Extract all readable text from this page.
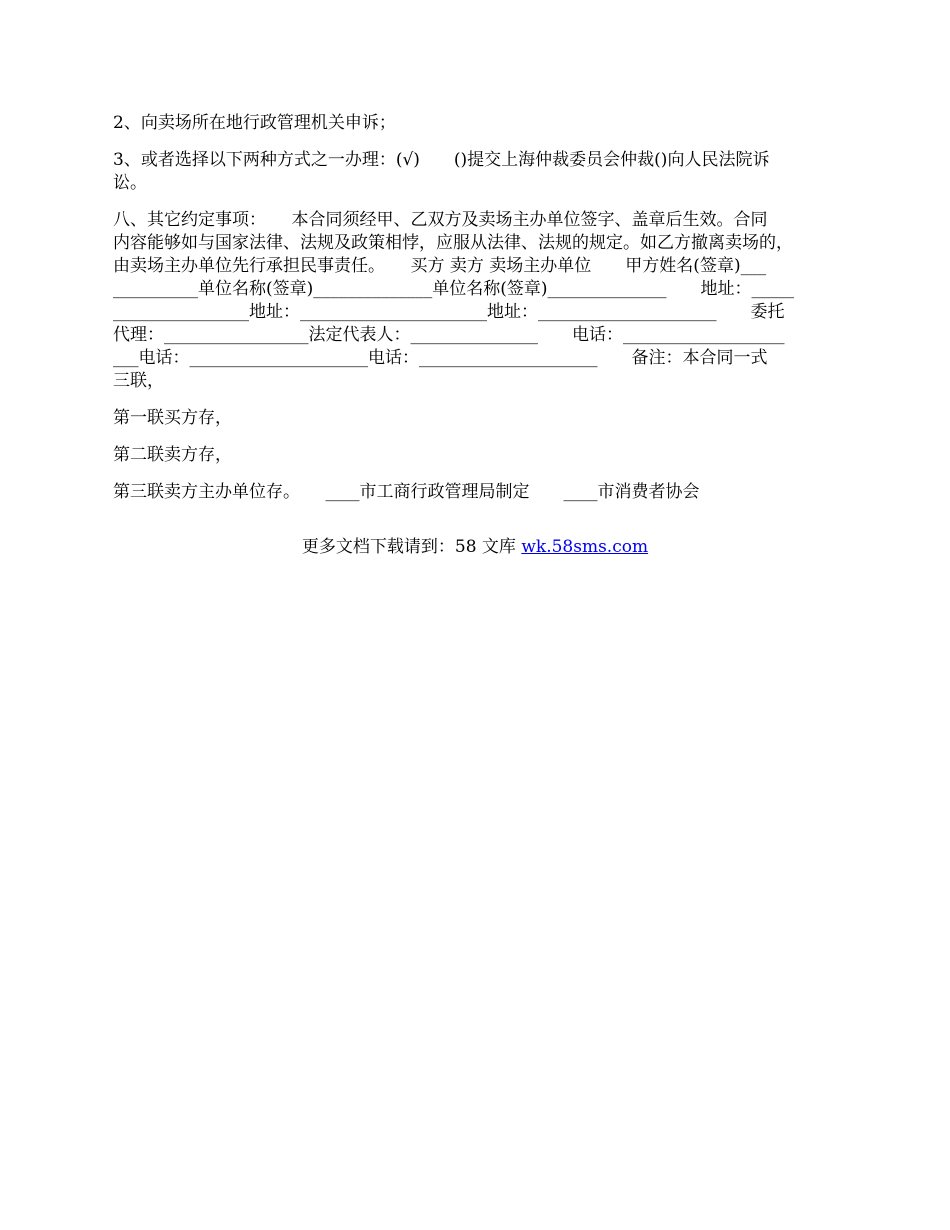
2、向卖场所在地行政管理机关申诉；
3、或者选择以下两种方式之一办理：(√)　　()提交上海仲裁委员会仲裁()向人民法院诉
讼。
八、其它约定事项：　　本合同须经甲、乙双方及卖场主办单位签字、盖章后生效。合同
内容能够如与国家法律、法规及政策相悖，应服从法律、法规的规定。如乙方撤离卖场的，
由卖场主办单位先行承担民事责任。　　买方 卖方 卖场主办单位　　甲方姓名(签章)___
__________单位名称(签章)______________单位名称(签章)______________　　地址：_____
________________地址：______________________地址：_____________________　　委托
代理：_________________法定代表人：_______________　　电话：___________________
___电话：_____________________电话：_____________________　　备注：本合同一式
三联，
第一联买方存，
第二联卖方存，
第三联卖方主办单位存。　　____市工商行政管理局制定　　____市消费者协会
更多文档下载请到：58 文库 wk.58sms.com
